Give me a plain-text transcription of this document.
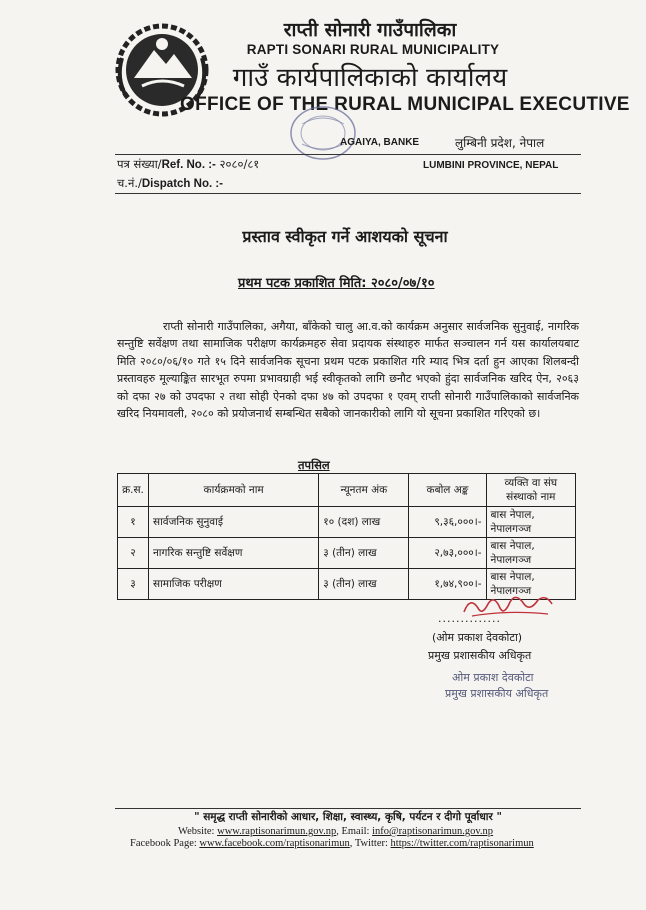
राप्ती सोनारी गाउँपालिका
RAPTI SONARI RURAL MUNICIPALITY
गाउँ कार्यपालिकाको कार्यालय
OFFICE OF THE RURAL MUNICIPAL EXECUTIVE
AGAIYA, BANKE	लुम्बिनी प्रदेश, नेपाल
LUMBINI PROVINCE, NEPAL
पत्र संख्या/Ref. No. :- २०८०/८१
च.नं./Dispatch No. :-
प्रस्ताव स्वीकृत गर्ने आशयको सूचना
प्रथम पटक प्रकाशित मिति: २०८०/०७/१०
राप्ती सोनारी गाउँपालिका, अगैया, बाँकेको चालु आ.व.को कार्यक्रम अनुसार सार्वजनिक सुनुवाई, नागरिक सन्तुष्टि सर्वेक्षण तथा सामाजिक परीक्षण कार्यक्रमहरु सेवा प्रदायक संस्थाहरु मार्फत सञ्चालन गर्न यस कार्यालयबाट मिति २०८०/०६/१० गते १५ दिने सार्वजनिक सूचना प्रथम पटक प्रकाशित गरि म्याद भित्र दर्ता हुन आएका शिलबन्दी प्रस्तावहरु मूल्याङ्कित सारभूत रुपमा प्रभावग्राही भई स्वीकृतको लागि छनौट भएको हुंदा सार्वजनिक खरिद ऐन, २०६३ को दफा २७ को उपदफा २ तथा सोही ऐनको दफा ४७ को उपदफा १ एवम् राप्ती सोनारी गाउँपालिकाको सार्वजनिक खरिद नियमावली, २०८० को प्रयोजनार्थ सम्बन्धित सबैको जानकारीको लागि यो सूचना प्रकाशित गरिएको छ।
तपसिल
क्र.स.	कार्यक्रमको नाम	न्यूनतम अंक	कबोल अङ्क	व्यक्ति वा संघ संस्थाको नाम
१	सार्वजनिक सुनुवाई	१० (दश) लाख	९,३६,०००।-	बास नेपाल, नेपालगञ्ज
२	नागरिक सन्तुष्टि सर्वेक्षण	३ (तीन) लाख	२,७३,०००।-	बास नेपाल, नेपालगञ्ज
३	सामाजिक परीक्षण	३ (तीन) लाख	१,७४,९००।-	बास नेपाल, नेपालगञ्ज
..............
(ओम प्रकाश देवकोटा)
प्रमुख प्रशासकीय अधिकृत
ओम प्रकाश देवकोटा
प्रमुख प्रशासकीय अधिकृत
" समृद्ध राप्ती सोनारीको आधार, शिक्षा, स्वास्थ्य, कृषि, पर्यटन र दीगो पूर्वाधार "
Website: www.raptisonarimun.gov.np, Email: info@raptisonarimun.gov.np
Facebook Page: www.facebook.com/raptisonarimun, Twitter: https://twitter.com/raptisonarimun
